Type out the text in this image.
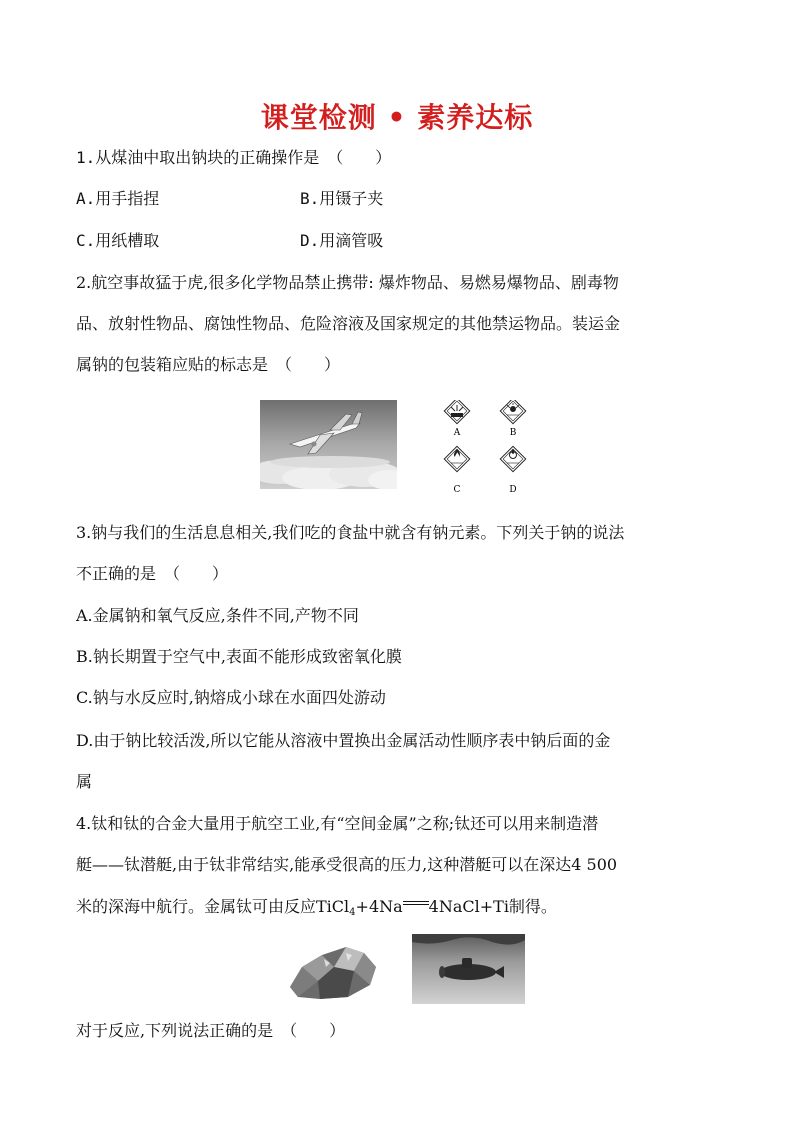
课堂检测 • 素养达标
1.从煤油中取出钠块的正确操作是　（　　）
A.用手指捏	B.用镊子夹
C.用纸槽取	D.用滴管吸
2.航空事故猛于虎,很多化学物品禁止携带: 爆炸物品、易燃易爆物品、剧毒物
品、放射性物品、腐蚀性物品、危险溶液及国家规定的其他禁运物品。装运金
属钠的包装箱应贴的标志是　（　　）
A	B
C	D
3.钠与我们的生活息息相关,我们吃的食盐中就含有钠元素。下列关于钠的说法
不正确的是　（　　）
A.金属钠和氧气反应,条件不同,产物不同
B.钠长期置于空气中,表面不能形成致密氧化膜
C.钠与水反应时,钠熔成小球在水面四处游动
D.由于钠比较活泼,所以它能从溶液中置换出金属活动性顺序表中钠后面的金
属
4.钛和钛的合金大量用于航空工业,有“空间金属”之称;钛还可以用来制造潜
艇——钛潜艇,由于钛非常结实,能承受很高的压力,这种潜艇可以在深达4 500
米的深海中航行。金属钛可由反应TiCl$_4$+4Na 4NaCl+Ti制得。
对于反应,下列说法正确的是　（　　）
